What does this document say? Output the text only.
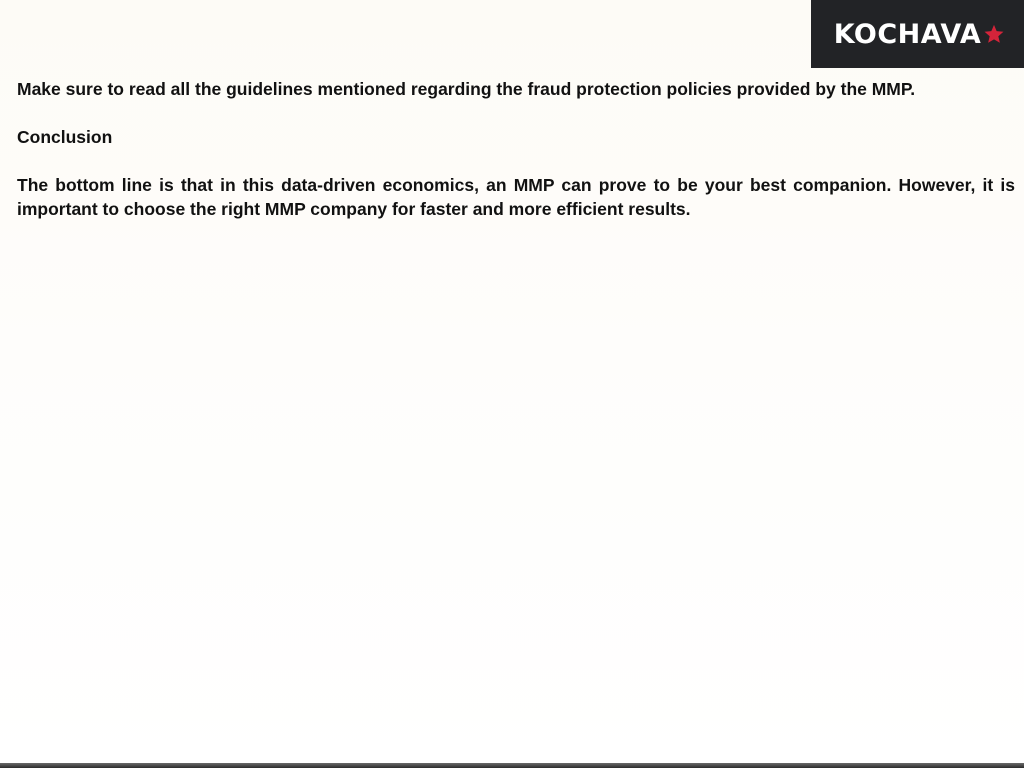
KOCHAVA

Make sure to read all the guidelines mentioned regarding the fraud protection policies provided by the MMP.

Conclusion

The bottom line is that in this data-driven economics, an MMP can prove to be your best companion. However, it is important to choose the right MMP company for faster and more efficient results.
